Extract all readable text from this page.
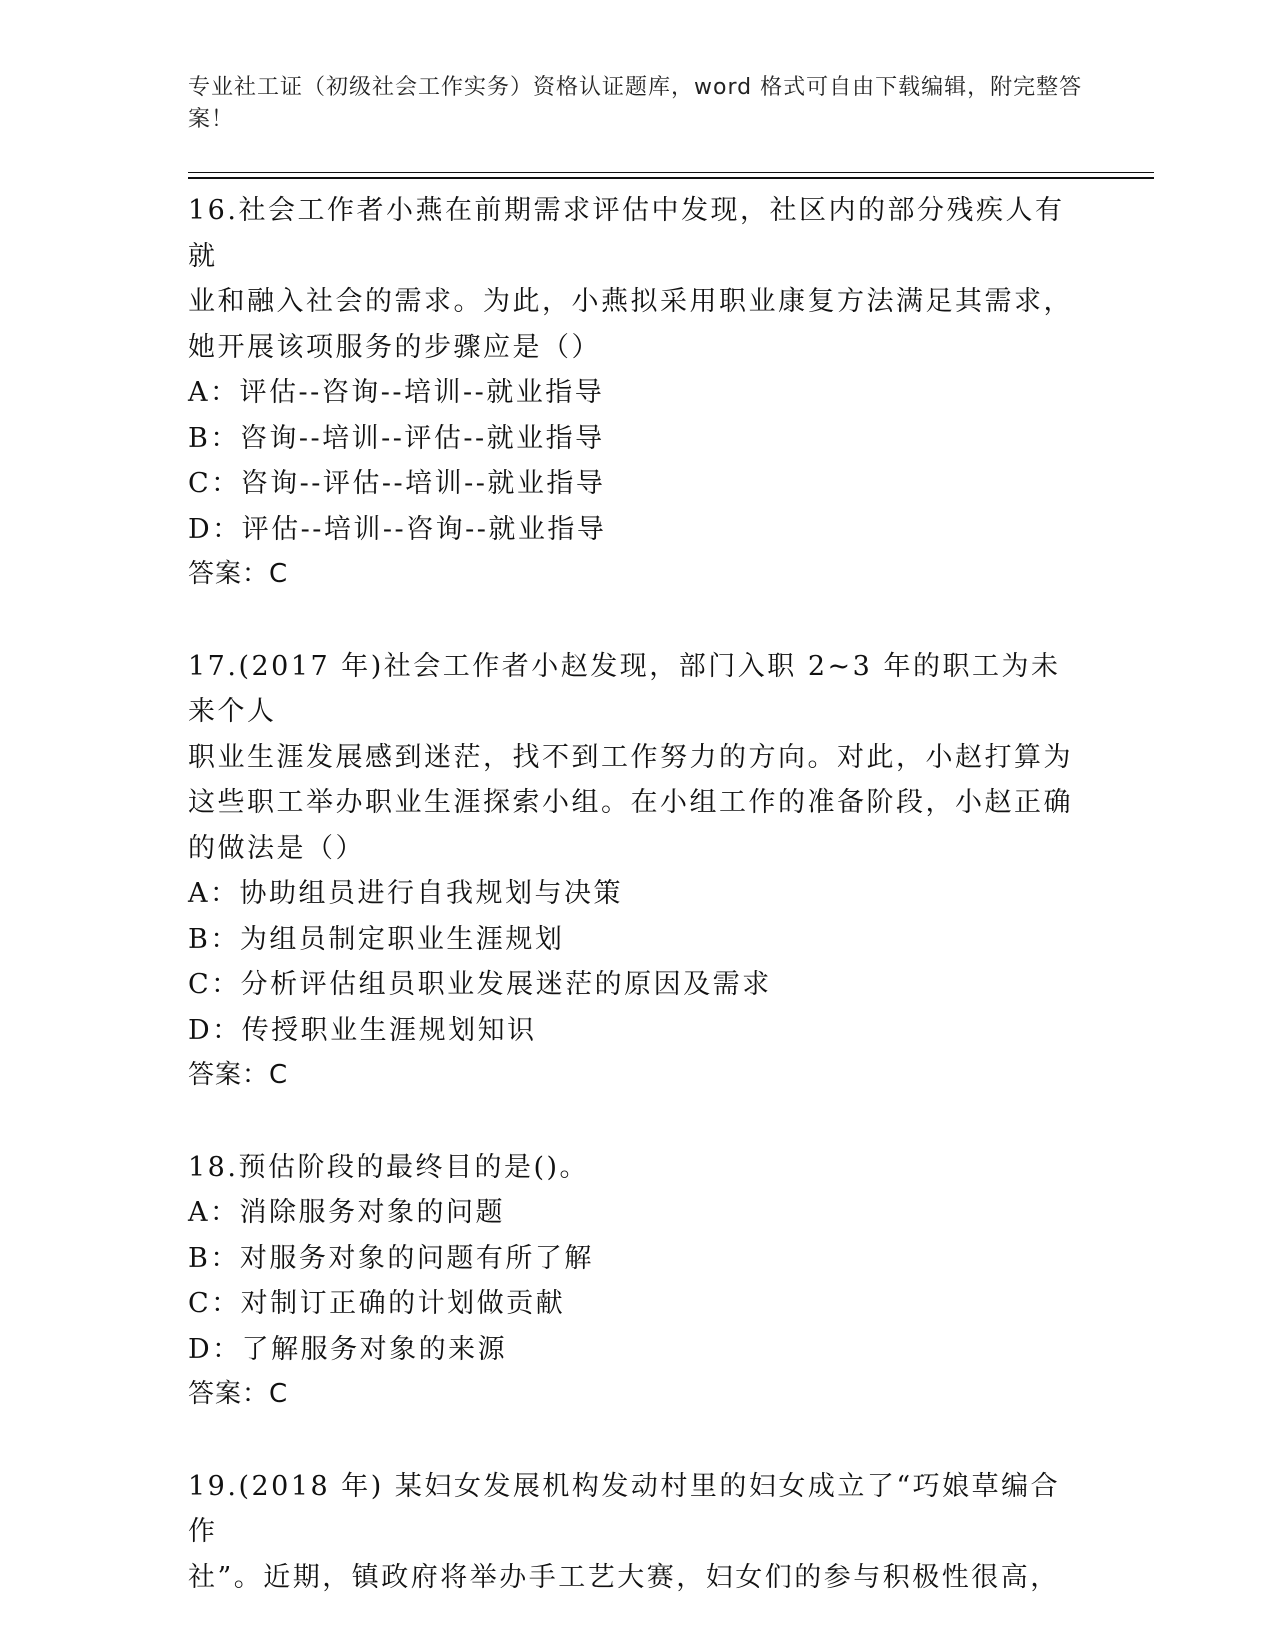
专业社工证（初级社会工作实务）资格认证题库，word 格式可自由下载编辑，附完整答案！

16.社会工作者小燕在前期需求评估中发现，社区内的部分残疾人有就

业和融入社会的需求。为此，小燕拟采用职业康复方法满足其需求，

她开展该项服务的步骤应是（）

A：评估--咨询--培训--就业指导

B：咨询--培训--评估--就业指导

C：咨询--评估--培训--就业指导

D：评估--培训--咨询--就业指导

答案：C

17.(2017 年)社会工作者小赵发现，部门入职 2~3 年的职工为未来个人

职业生涯发展感到迷茫，找不到工作努力的方向。对此，小赵打算为

这些职工举办职业生涯探索小组。在小组工作的准备阶段，小赵正确

的做法是（）

A：协助组员进行自我规划与决策

B：为组员制定职业生涯规划

C：分析评估组员职业发展迷茫的原因及需求

D：传授职业生涯规划知识

答案：C

18.预估阶段的最终目的是()。

A：消除服务对象的问题

B：对服务对象的问题有所了解

C：对制订正确的计划做贡献

D：了解服务对象的来源

答案：C

19.(2018 年) 某妇女发展机构发动村里的妇女成立了“巧娘草编合作

社”。近期，镇政府将举办手工艺大赛，妇女们的参与积极性很高，
